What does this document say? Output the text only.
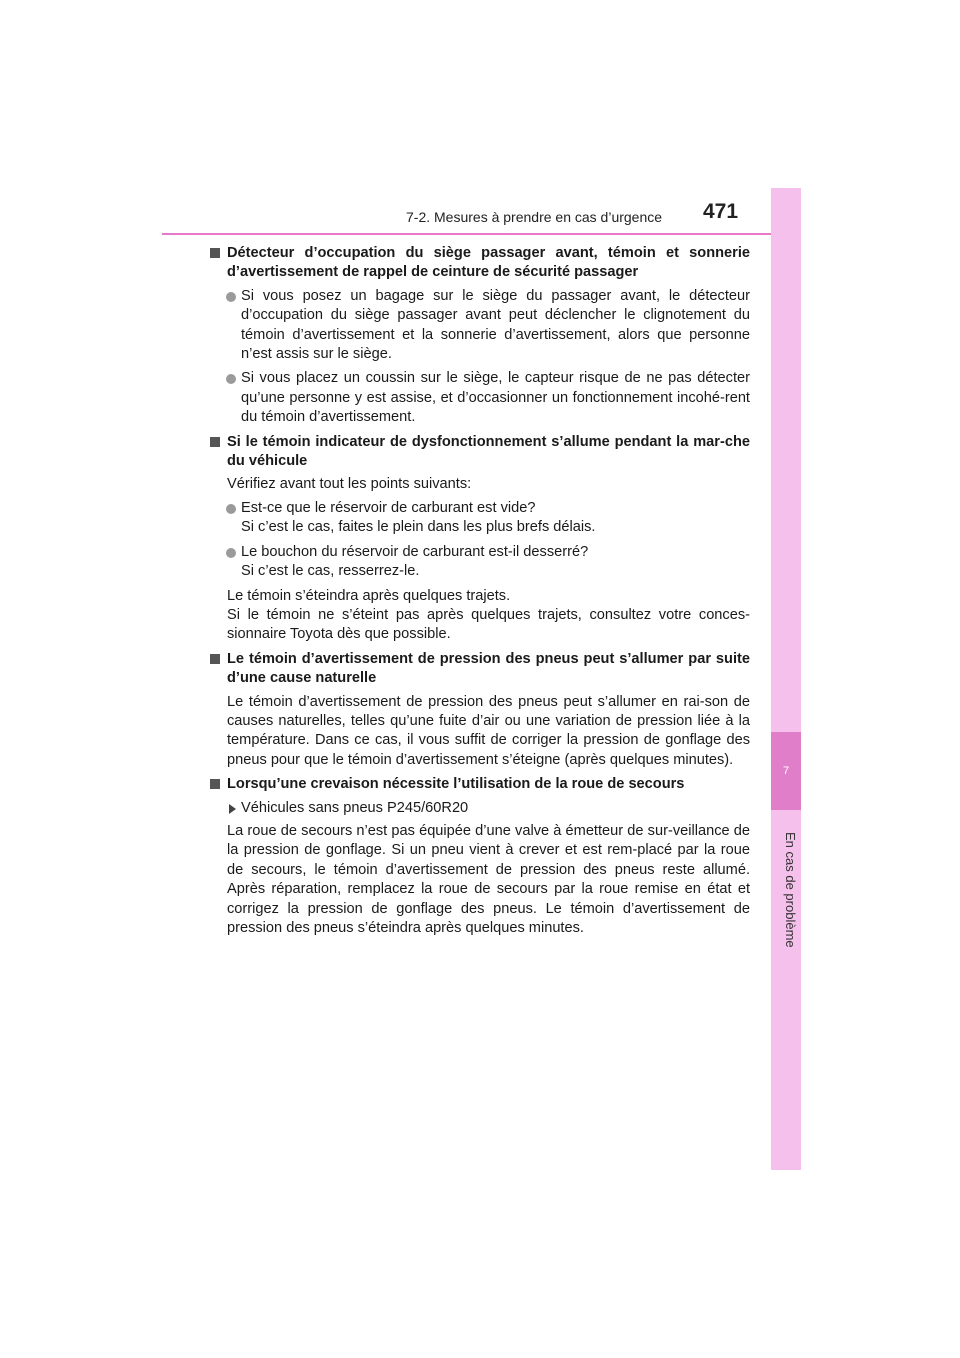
7-2. Mesures à prendre en cas d’urgence 471
7
En cas de problème
Détecteur d’occupation du siège passager avant, témoin et sonnerie d’avertissement de rappel de ceinture de sécurité passager
Si vous posez un bagage sur le siège du passager avant, le détecteur d’occupation du siège passager avant peut déclencher le clignotement du témoin d’avertissement et la sonnerie d’avertissement, alors que personne n’est assis sur le siège.
Si vous placez un coussin sur le siège, le capteur risque de ne pas détecter qu’une personne y est assise, et d’occasionner un fonctionnement incohé-rent du témoin d’avertissement.
Si le témoin indicateur de dysfonctionnement s’allume pendant la mar-che du véhicule
Vérifiez avant tout les points suivants:
Est-ce que le réservoir de carburant est vide?
Si c’est le cas, faites le plein dans les plus brefs délais.
Le bouchon du réservoir de carburant est-il desserré?
Si c’est le cas, resserrez-le.
Le témoin s’éteindra après quelques trajets.
Si le témoin ne s’éteint pas après quelques trajets, consultez votre conces-sionnaire Toyota dès que possible.
Le témoin d’avertissement de pression des pneus peut s’allumer par suite d’une cause naturelle
Le témoin d’avertissement de pression des pneus peut s’allumer en rai-son de causes naturelles, telles qu’une fuite d’air ou une variation de pression liée à la température. Dans ce cas, il vous suffit de corriger la pression de gonflage des pneus pour que le témoin d’avertissement s’éteigne (après quelques minutes).
Lorsqu’une crevaison nécessite l’utilisation de la roue de secours
Véhicules sans pneus P245/60R20
La roue de secours n’est pas équipée d’une valve à émetteur de sur-veillance de la pression de gonflage. Si un pneu vient à crever et est rem-placé par la roue de secours, le témoin d’avertissement de pression des pneus reste allumé. Après réparation, remplacez la roue de secours par la roue remise en état et corrigez la pression de gonflage des pneus. Le témoin d’avertissement de pression des pneus s’éteindra après quelques minutes.
